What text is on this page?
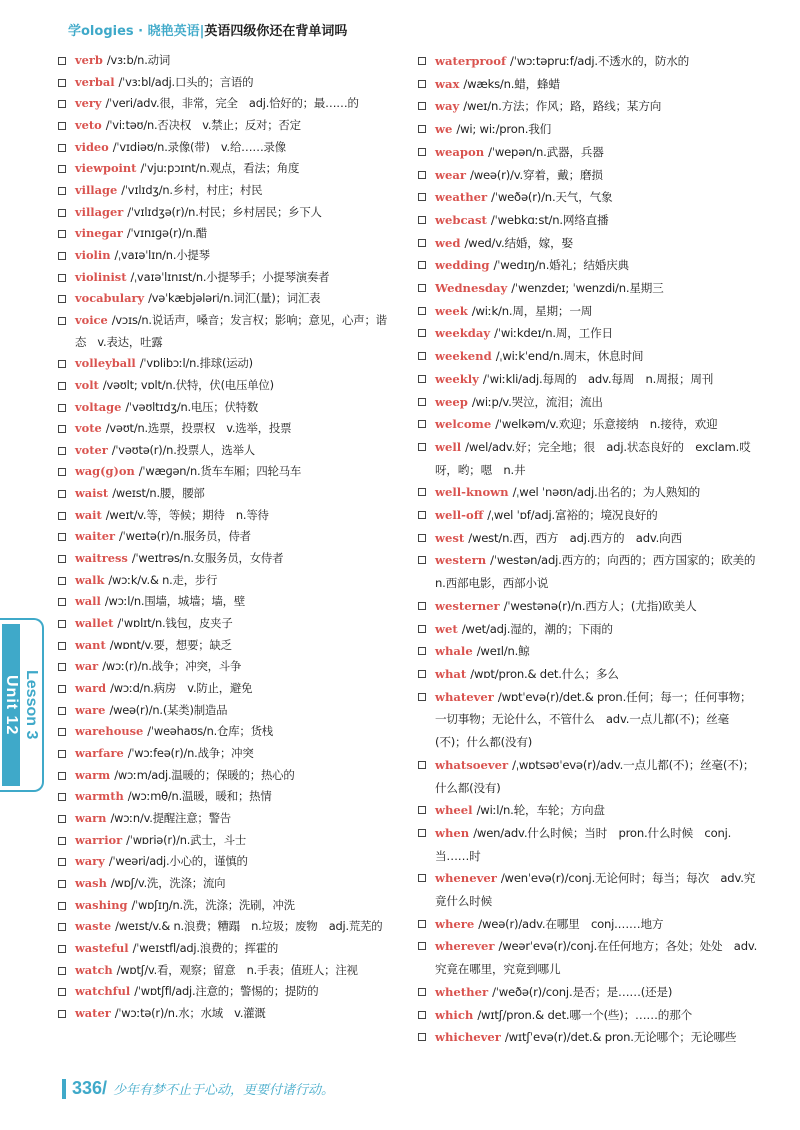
学ologies · 晓艳英语|英语四级你还在背单词吗
verb /vɜːb/n.动词
verbal /ˈvɜːbl/adj.口头的；言语的
very /ˈveri/adv.很，非常，完全　adj.恰好的；最……的
veto /ˈviːtəʊ/n.否决权　v.禁止；反对；否定
video /ˈvɪdiəʊ/n.录像(带)　v.给……录像
viewpoint /ˈvjuːpɔɪnt/n.观点，看法；角度
village /ˈvɪlɪdʒ/n.乡村，村庄；村民
villager /ˈvɪlɪdʒə(r)/n.村民；乡村居民；乡下人
vinegar /ˈvɪnɪɡə(r)/n.醋
violin /ˌvaɪəˈlɪn/n.小提琴
violinist /ˌvaɪəˈlɪnɪst/n.小提琴手；小提琴演奏者
vocabulary /vəˈkæbjələri/n.词汇(量)；词汇表
voice /vɔɪs/n.说话声，嗓音；发言权；影响；意见，心声；谐态　v.表达，吐露
volleyball /ˈvɒlibɔːl/n.排球(运动)
volt /vəʊlt; vɒlt/n.伏特，伏(电压单位)
voltage /ˈvəʊltɪdʒ/n.电压；伏特数
vote /vəʊt/n.选票，投票权　v.选举，投票
voter /ˈvəʊtə(r)/n.投票人，选举人
wag(g)on /ˈwæɡən/n.货车车厢；四轮马车
waist /weɪst/n.腰，腰部
wait /weɪt/v.等，等候；期待　n.等待
waiter /ˈweɪtə(r)/n.服务员，侍者
waitress /ˈweɪtrəs/n.女服务员，女侍者
walk /wɔːk/v.& n.走，步行
wall /wɔːl/n.围墙，城墙；墙，壁
wallet /ˈwɒlɪt/n.钱包，皮夹子
want /wɒnt/v.要，想要；缺乏
war /wɔː(r)/n.战争；冲突，斗争
ward /wɔːd/n.病房　v.防止，避免
ware /weə(r)/n.(某类)制造品
warehouse /ˈweəhaʊs/n.仓库；货栈
warfare /ˈwɔːfeə(r)/n.战争；冲突
warm /wɔːm/adj.温暖的；保暖的；热心的
warmth /wɔːmθ/n.温暖，暖和；热情
warn /wɔːn/v.提醒注意；警告
warrior /ˈwɒriə(r)/n.武士，斗士
wary /ˈweəri/adj.小心的，谨慎的
wash /wɒʃ/v.洗，洗涤；流向
washing /ˈwɒʃɪŋ/n.洗，洗涤；洗刷，冲洗
waste /weɪst/v.& n.浪费；糟蹋　n.垃圾；废物　adj.荒芜的
wasteful /ˈweɪstfl/adj.浪费的；挥霍的
watch /wɒtʃ/v.看，观察；留意　n.手表；值班人；注视
watchful /ˈwɒtʃfl/adj.注意的；警惕的；提防的
water /ˈwɔːtə(r)/n.水；水域　v.灌溉
waterproof /ˈwɔːtəpruːf/adj.不透水的，防水的
wax /wæks/n.蜡，蜂蜡
way /weɪ/n.方法；作风；路，路线；某方向
we /wi; wiː/pron.我们
weapon /ˈwepən/n.武器，兵器
wear /weə(r)/v.穿着，戴；磨损
weather /ˈweðə(r)/n.天气，气象
webcast /ˈwebkɑːst/n.网络直播
wed /wed/v.结婚，嫁，娶
wedding /ˈwedɪŋ/n.婚礼；结婚庆典
Wednesday /ˈwenzdeɪ; ˈwenzdi/n.星期三
week /wiːk/n.周，星期；一周
weekday /ˈwiːkdeɪ/n.周，工作日
weekend /ˌwiːkˈend/n.周末，休息时间
weekly /ˈwiːkli/adj.每周的　adv.每周　n.周报；周刊
weep /wiːp/v.哭泣，流泪；流出
welcome /ˈwelkəm/v.欢迎；乐意接纳　n.接待，欢迎
well /wel/adv.好；完全地；很　adj.状态良好的　exclam.哎呀，哟；嗯　n.井
well-known /ˌwel ˈnəʊn/adj.出名的；为人熟知的
well-off /ˌwel ˈɒf/adj.富裕的；境况良好的
west /west/n.西，西方　adj.西方的　adv.向西
western /ˈwestən/adj.西方的；向西的；西方国家的；欧美的　n.西部电影，西部小说
westerner /ˈwestənə(r)/n.西方人；(尤指)欧美人
wet /wet/adj.湿的，潮的；下雨的
whale /weɪl/n.鲸
what /wɒt/pron.& det.什么；多么
whatever /wɒtˈevə(r)/det.& pron.任何；每一；任何事物；一切事物；无论什么，不管什么　adv.一点儿都(不)；丝毫(不)；什么都(没有)
whatsoever /ˌwɒtsəʊˈevə(r)/adv.一点儿都(不)；丝毫(不)；什么都(没有)
wheel /wiːl/n.轮，车轮；方向盘
when /wen/adv.什么时候；当时　pron.什么时候　conj.当……时
whenever /wenˈevə(r)/conj.无论何时；每当；每次　adv.究竟什么时候
where /weə(r)/adv.在哪里　conj.……地方
wherever /weərˈevə(r)/conj.在任何地方；各处；处处　adv.究竟在哪里，究竟到哪儿
whether /ˈweðə(r)/conj.是否；是……(还是)
which /wɪtʃ/pron.& det.哪一个(些)；……的那个
whichever /wɪtʃˈevə(r)/det.& pron.无论哪个；无论哪些
Unit 12 Lesson 3
336/ 少年有梦不止于心动，更要付诸行动。
